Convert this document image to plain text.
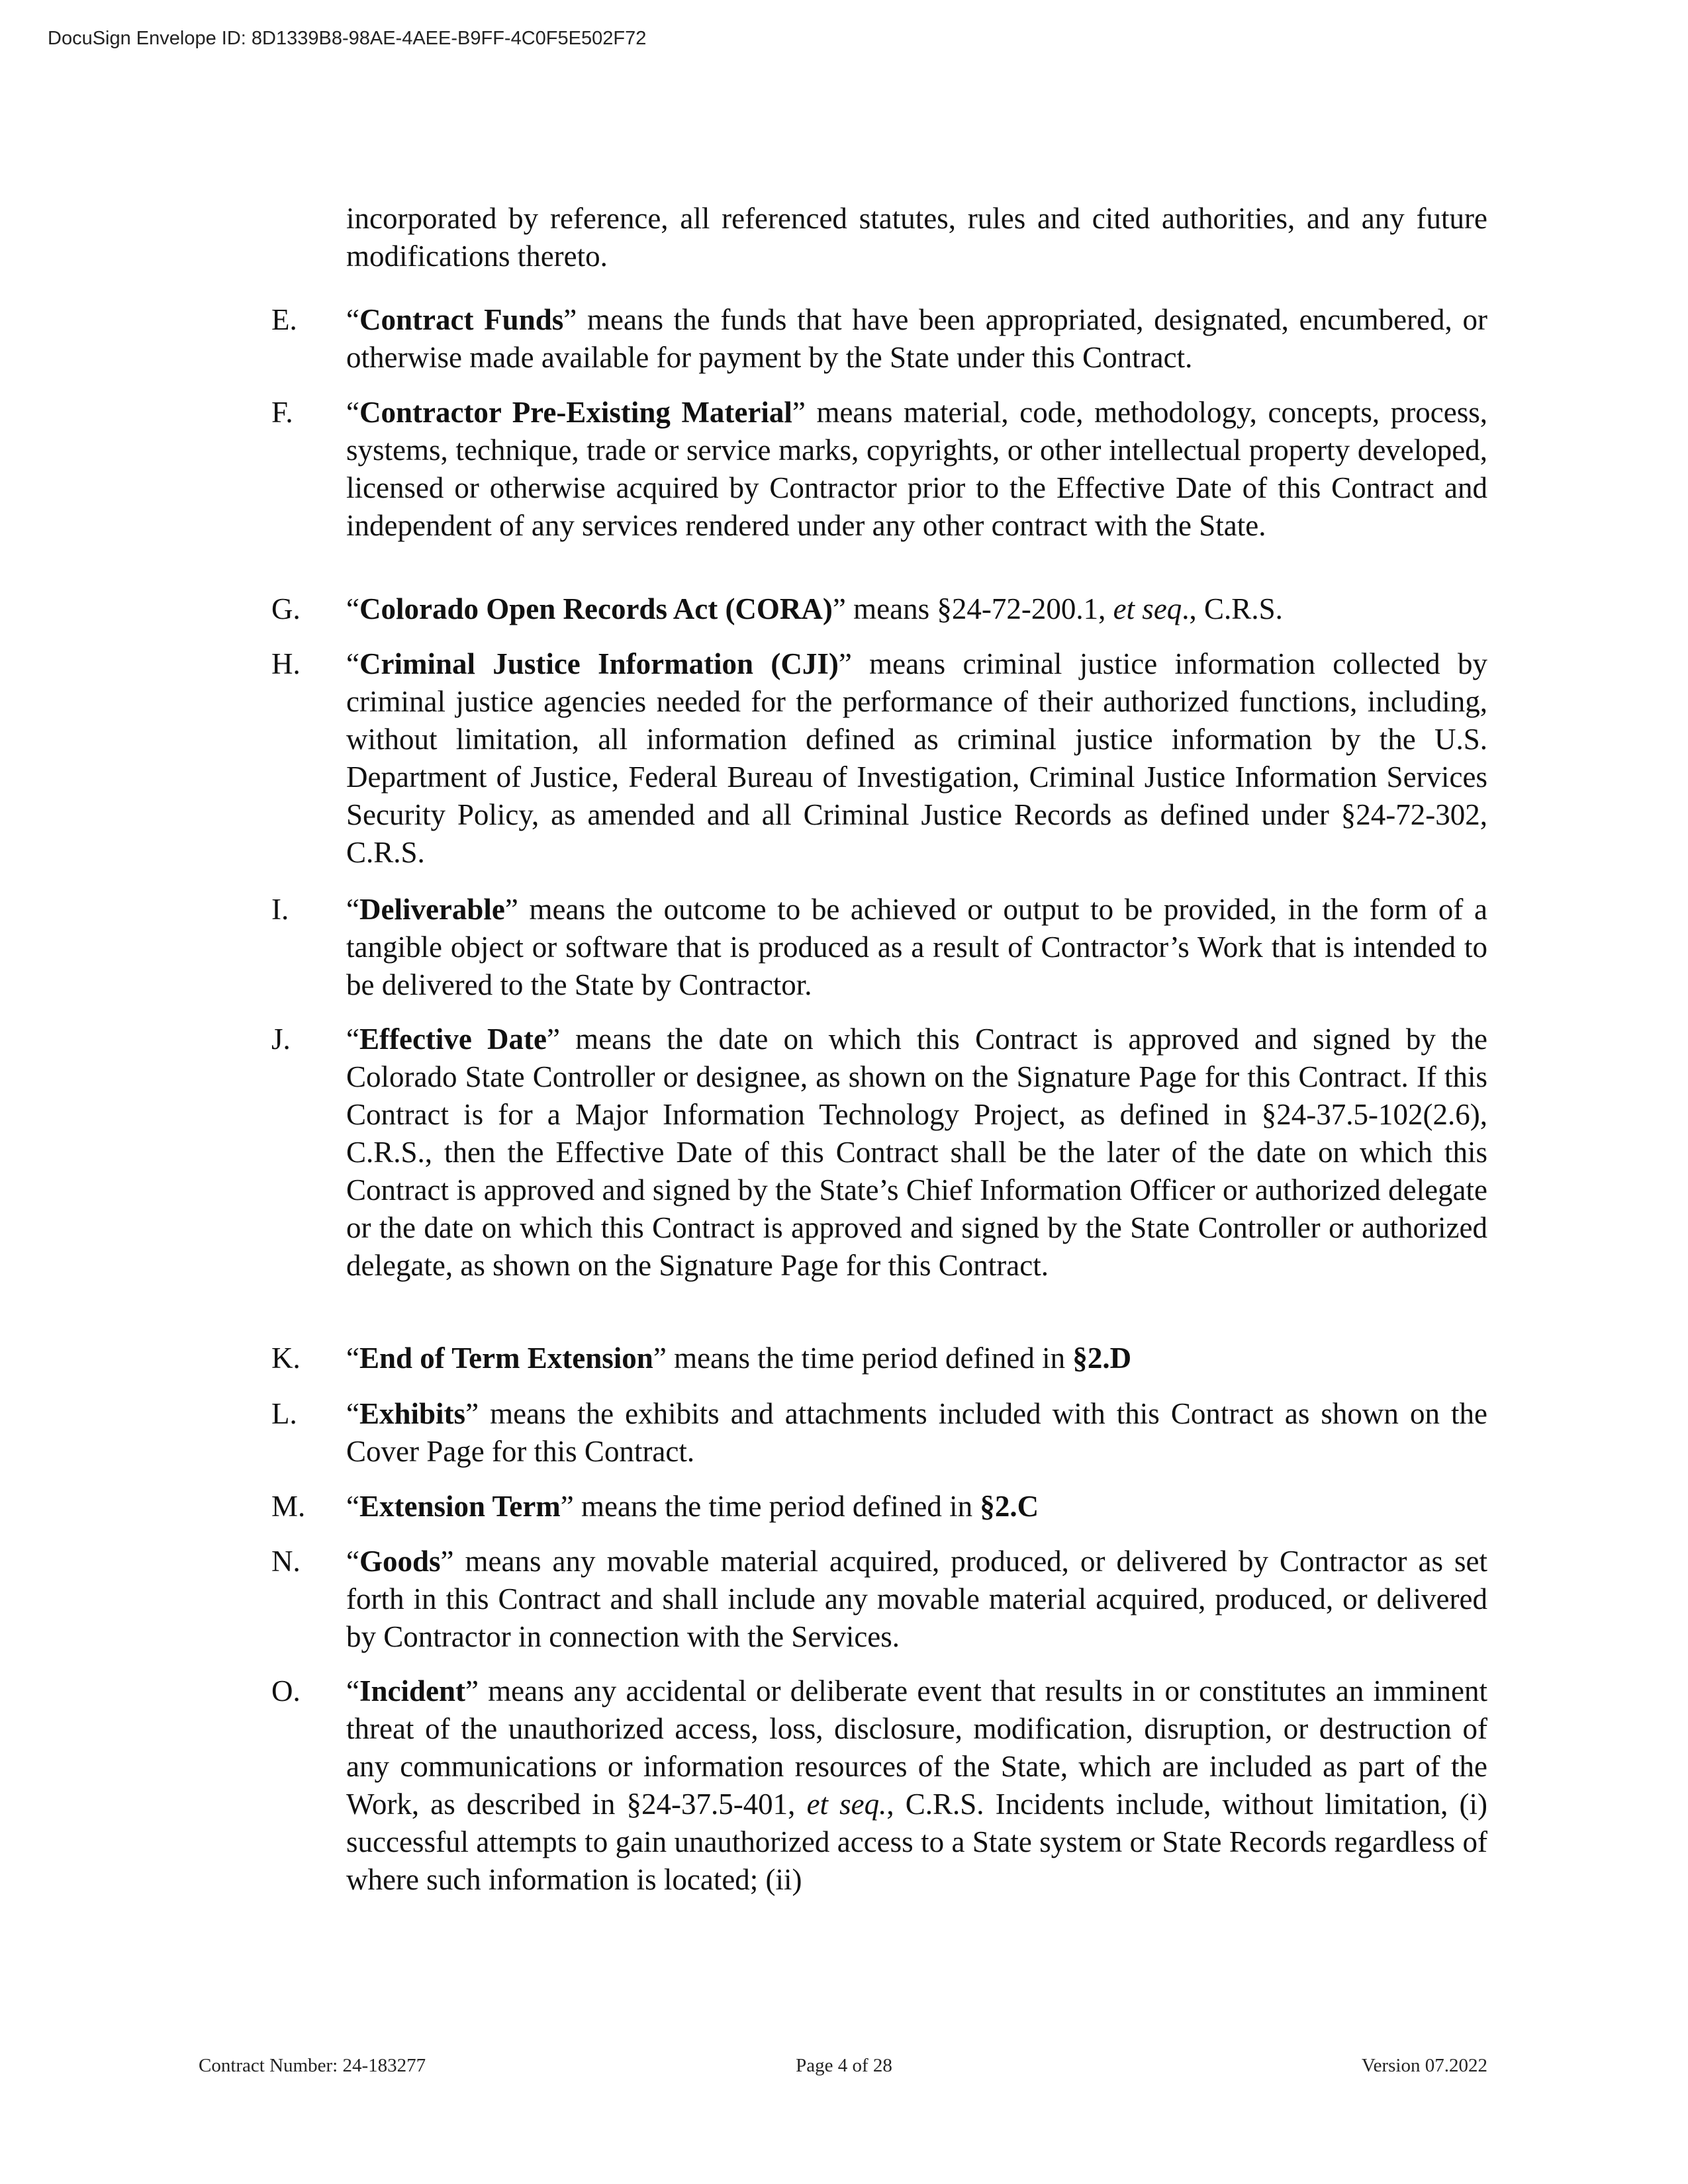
DocuSign Envelope ID: 8D1339B8-98AE-4AEE-B9FF-4C0F5E502F72
incorporated by reference, all referenced statutes, rules and cited authorities, and any future modifications thereto.
E. “Contract Funds” means the funds that have been appropriated, designated, encumbered, or otherwise made available for payment by the State under this Contract.
F. “Contractor Pre-Existing Material” means material, code, methodology, concepts, process, systems, technique, trade or service marks, copyrights, or other intellectual property developed, licensed or otherwise acquired by Contractor prior to the Effective Date of this Contract and independent of any services rendered under any other contract with the State.
G. “Colorado Open Records Act (CORA)” means §24-72-200.1, et seq., C.R.S.
H. “Criminal Justice Information (CJI)” means criminal justice information collected by criminal justice agencies needed for the performance of their authorized functions, including, without limitation, all information defined as criminal justice information by the U.S. Department of Justice, Federal Bureau of Investigation, Criminal Justice Information Services Security Policy, as amended and all Criminal Justice Records as defined under §24-72-302, C.R.S.
I. “Deliverable” means the outcome to be achieved or output to be provided, in the form of a tangible object or software that is produced as a result of Contractor’s Work that is intended to be delivered to the State by Contractor.
J. “Effective Date” means the date on which this Contract is approved and signed by the Colorado State Controller or designee, as shown on the Signature Page for this Contract. If this Contract is for a Major Information Technology Project, as defined in §24-37.5-102(2.6), C.R.S., then the Effective Date of this Contract shall be the later of the date on which this Contract is approved and signed by the State’s Chief Information Officer or authorized delegate or the date on which this Contract is approved and signed by the State Controller or authorized delegate, as shown on the Signature Page for this Contract.
K. “End of Term Extension” means the time period defined in §2.D
L. “Exhibits” means the exhibits and attachments included with this Contract as shown on the Cover Page for this Contract.
M. “Extension Term” means the time period defined in §2.C
N. “Goods” means any movable material acquired, produced, or delivered by Contractor as set forth in this Contract and shall include any movable material acquired, produced, or delivered by Contractor in connection with the Services.
O. “Incident” means any accidental or deliberate event that results in or constitutes an imminent threat of the unauthorized access, loss, disclosure, modification, disruption, or destruction of any communications or information resources of the State, which are included as part of the Work, as described in §24-37.5-401, et seq., C.R.S. Incidents include, without limitation, (i) successful attempts to gain unauthorized access to a State system or State Records regardless of where such information is located; (ii)
Contract Number: 24-183277	Page 4 of 28	Version 07.2022
